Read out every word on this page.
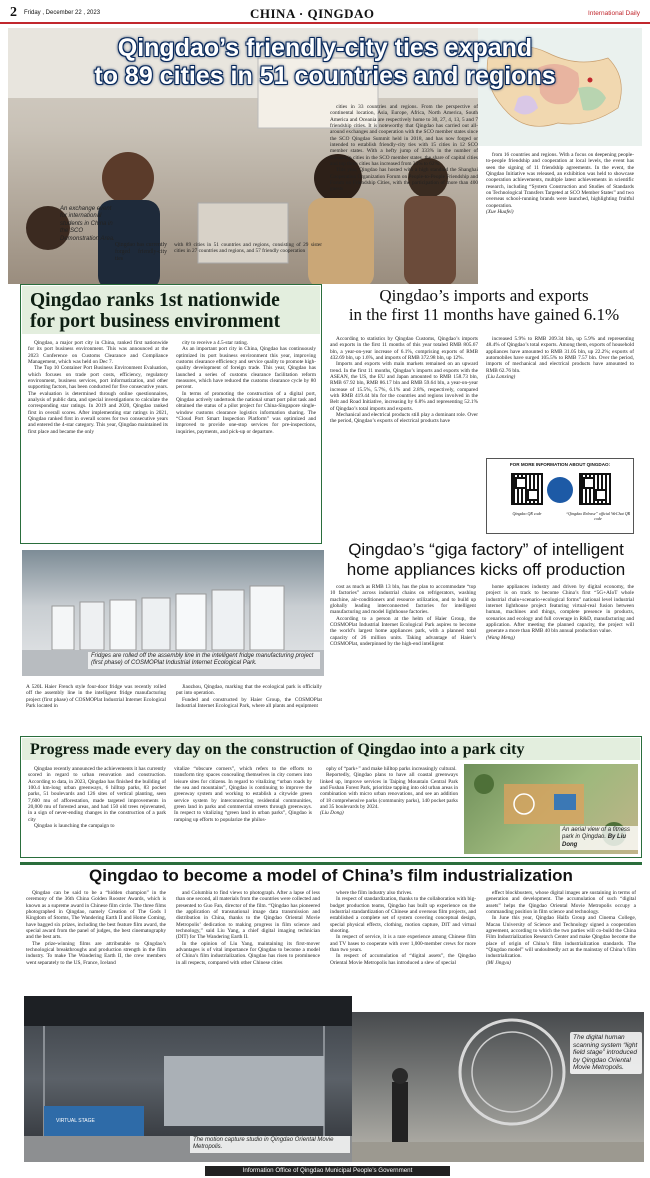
2 Friday , December 22 , 2023	CHINA · QINGDAO	International Daily
Qingdao’s friendly-city ties expand
to 89 cities in 51 countries and regions
An exchange event for international students in China in the SCO Demonstration Area.
Qingdao has currently forged friendly-city ties
with 89 cities in 51 countries and regions, consisting of 29 sister cities in 27 countries and regions, and 57 friendly cooperation

cities in 33 countries and regions. From the perspective of continental location, Asia, Europe, Africa, North America, South America and Oceania are respectively home to 30, 27, 4, 13, 5 and 7 friendship cities. It is noteworthy that Qingdao has carried out all-around exchanges and cooperation with the SCO member states since the SCO Qingdao Summit held in 2018, and has now forged or intended to establish friendly-city ties with 15 cities in 12 SCO member states. With a hefty jump of 333% in the number of friendship cities in the SCO member states, the share of capital cities and top three cities has increased from 33% to 62%.

This year, Qingdao has hosted with a high standard the Shanghai Cooperation Organization Forum on People-to-People Friendship and Forum on Friendship Cities, with the participation of more than 400 guests

from 16 countries and regions. With a focus on deepening people-to-people friendship and cooperation at local levels, the event has seen the signing of 11 friendship agreements. In the event, the Qingdao Initiative was released, an exhibition was held to showcase cooperation achievements, multiple latest achievements in scientific research, including “System Construction and Studies of Standards on Technological Transfers Targeted at SCO Member States” and two overseas school-running brands were launched, highlighting fruitful cooperation.

(Xue Huafei)
Qingdao ranks 1st nationwide
for port business environment

Qingdao, a major port city in China, ranked first nationwide for its port business environment. This was announced at the 2023 Conference on Customs Clearance and Compliance Management, which was held on Dec 7.

The Top 10 Container Port Business Environment Evaluation, which focuses on trade port costs, efficiency, regulatory environment, business services, port informatization, and other supporting factors, has been conducted for five consecutive years. The evaluation is determined through online questionnaires, analysis of public data, and special investigations to calculate the corresponding star ratings. In 2019 and 2020, Qingdao ranked first in overall scores. After implementing star ratings in 2021, Qingdao ranked first in overall scores for two consecutive years and entered the 4-star category. This year, Qingdao maintained its first place and became the only

city to receive a 4.5-star rating.

As an important port city in China, Qingdao has continuously optimized its port business environment this year, improving customs clearance efficiency and service quality to promote high-quality development of foreign trade. This year, Qingdao has launched a series of customs clearance facilitation reform measures, which have reduced the customs clearance cycle by 80 percent.

In terms of promoting the construction of a digital port, Qingdao actively undertook the national smart port pilot task and obtained the status of a pilot project for China-Singapore single-window customs clearance logistics information sharing. The “Cloud Port Smart Inspection Platform” was optimized and improved to provide one-stop services for pre-inspections, inquiries, payments, and pick-up or departure.

Qingdao’s imports and exports
in the first 11 months have gained 6.1%

According to statistics by Qingdao Customs, Qingdao’s imports and exports in the first 11 months of this year totaled RMB 805.67 bln, a year-on-year increase of 6.1%, comprising exports of RMB 432.69 bln, up 1.6%, and imports of RMB 372.98 bln, up 12%.

Imports and exports with main markets remained on an upward trend. In the first 11 months, Qingdao’s imports and exports with the ASEAN, the US, the EU and Japan amounted to RMB 158.73 bln, RMB 67.92 bln, RMB 86.17 bln and RMB 59.64 bln, a year-on-year increase of 15.5%, 5.7%, 6.1% and 2.8%, respectively, compared with RMB 419.44 bln for the countries and regions involved in the Belt and Road Initiative, increasing by 6.8% and representing 52.1% of Qingdao’s total imports and exports.

Mechanical and electrical products still play a dominant role. Over the period, Qingdao’s exports of electrical products have

increased 5.9% to RMB 209.34 bln, up 5.9% and representing 48.4% of Qingdao’s total exports. Among them, exports of household appliances have amounted to RMB 31.05 bln, up 22.2%; exports of automobiles have surged 105.5% to RMB 7.57 bln. Over the period, imports of mechanical and electrical products have amounted to RMB 62.76 bln.

(Liu Lanxing)
FOR MORE INFORMATION ABOUT QINGDAO:
Qingdao QR code	“Qingdao Release” official WeChat QR code
Qingdao’s “giga factory” of intelligent
home appliances kicks off production
Fridges are rolled off the assembly line in the intelligent fridge manufacturing project (first phase) of COSMOPlat Industrial Internet Ecological Park.
A 520L Haier French style four-door fridge was recently rolled off the assembly line in the intelligent fridge manufacturing project (first phase) of COSMOPlat Industrial Internet Ecological Park located in

Jiaozhou, Qingdao, marking that the ecological park is officially put into operation.

Funded and constructed by Haier Group, the COSMOPlat Industrial Internet Ecological Park, where all plants and equipment

cost as much as RMB 13 bln, has the plan to accommodate “top 10 factories” across industrial chains on refrigerators, washing machine, air-conditioners and resource utilization, and to build up globally leading interconnected factories for intelligent manufacturing and model lighthouse factories.

According to a person at the helm of Haier Group, the COSMOPlat Industrial Internet Ecological Park aspires to become the world’s largest home appliances park, with a planned total capacity of 26 million units. Taking advantage of Haier’s COSMOPlat, underpinned by the high-end intelligent

home appliances industry and driven by digital economy, the project is on track to become China’s first “5G+AIoT whole industrial chain+scenario+ecological forms” national level industrial internet lighthouse project featuring virtual-real fusion between human, machines and things, complete presence in products, scenarios and ecology and full coverage in R&D, manufacturing and application. After meeting the planned capacity, the project will generate a more than RMB 40 bln annual production value.

(Wang Meng)
Progress made every day on the construction of Qingdao into a park city

Qingdao recently announced the achievements it has currently scored in regard to urban renovation and construction. According to data, in 2023, Qingdao has finished the building of 100.4 km-long urban greenways, 6 hilltop parks, 83 pocket parks, 51 boulevards and 126 sites of vertical planting, seen 7,600 mu of afforestation, made targeted improvements in 20,000 mu of forested areas, and had 150 old trees rejuvenated, in a sign of never-ending changes in the construction of a park city

Qingdao is launching the campaign to

vitalize “obscure corners”, which refers to the efforts to transform tiny spaces concealing themselves in city corners into leisure sites for citizens. In regard to vitalizing “urban roads by the sea and mountains”, Qingdao is continuing to improve the greenway system and working to establish a citywide green service system by interconnecting residential communities, green land in parks and commercial streets through greenways. In respect to vitalizing “green land in urban parks”, Qingdao is ramping up efforts to popularize the philos-

ophy of “park+” and make hilltop parks increasingly cultural.

Reportedly, Qingdao plans to have all coastal greenways linked up, improve services in Taiping Mountain Central Park and Fushan Forest Park, prioritize tapping into old urban areas in combination with micro urban renovations, and see an addition of 18 comprehensive parks (community parks), 140 pocket parks and 35 boulevards by 2024.

(Liu Dong)
An aerial view of a fitness park in Qingdao. By Liu Dong
Qingdao to become a model of China’s film industrialization

Qingdao can be said to be a “hidden champion” in the ceremony of the 36th China Golden Rooster Awards, which is known as a supreme award in Chinese film circle. The three films photographed in Qingdao, namely Creation of The Gods I Kingdom of Storms, The Wandering Earth II and Home Coming, have bagged six prizes, including the best feature film award, the special award from the panel of judges, the best cinematography and the best arts.

The prize-winning films are attributable to Qingdao’s technological breakthroughs and production strength in the film industry. To make The Wandering Earth II, the crew members went separately to the US, France, Iceland

and Columbia to find views to photograph. After a lapse of less than one second, all materials from the countries were collected and presented to Guo Fan, director of the film. “Qingdao has pioneered the application of transnational image data transmission and distribution in China, thanks to the Qingdao Oriental Movie Metropolis’ dedication to making progress in film science and technology,” said Liu Yang, a chief digital imaging technician (DIT) for The Wandering Earth II.

In the opinion of Liu Yang, maintaining its first-mover advantages is of vital importance for Qingdao to become a model of China’s film industrialization. Qingdao has risen to prominence in all respects, compared with other Chinese cities

where the film industry also thrives.

In respect of standardization, thanks to the collaboration with big-budget production teams, Qingdao has built up experience on the industrial standardization of Chinese and overseas film projects, and established a complete set of system covering conceptual design, special physical effects, clothing, motion capture, DIT and virtual shooting.

In respect of service, it is a rare experience among Chinese film and TV bases to cooperate with over 1,000-member crews for more than two years.

In respect of accumulation of “digital assets”, the Qingdao Oriental Movie Metropolis has introduced a slew of special

effect blockbusters, whose digital images are sustaining in terms of generation and development. The accumulation of such “digital assets” helps the Qingdao Oriental Movie Metropolis occupy a commanding position in film science and technology.

In June this year, Qingdao Haifa Group and Cinema College, Macau University of Science and Technology signed a cooperation agreement, according to which the two parties will co-build the China Film Industrialization Research Center and make Qingdao become the place of origin of China’s film industrialization standards. The “Qingdao model” will undoubtedly act as the mainstay of China’s film industrialization.

(Mi Jingyu)
VIRTUAL STAGE
The motion capture studio in Qingdao Oriental Movie Metropolis.
The digital human scanning system “light field stage” introduced by Qingdao Oriental Movie Metropolis.
Information Office of Qingdao Municipal People’s Government
